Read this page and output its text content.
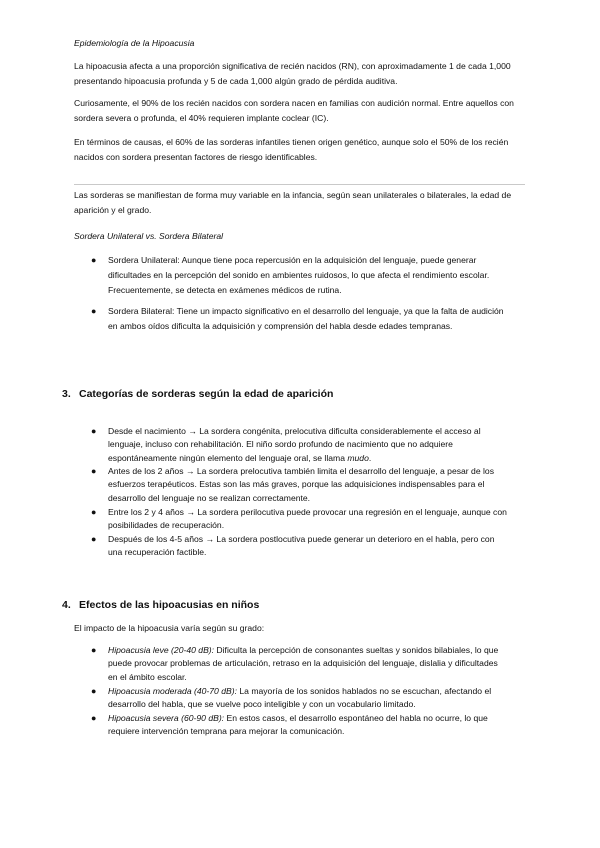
Epidemiología de la Hipoacusia

La hipoacusia afecta a una proporción significativa de recién nacidos (RN), con aproximadamente 1 de cada 1,000 presentando hipoacusia profunda y 5 de cada 1,000 algún grado de pérdida auditiva.

Curiosamente, el 90% de los recién nacidos con sordera nacen en familias con audición normal. Entre aquellos con sordera severa o profunda, el 40% requieren implante coclear (IC).

En términos de causas, el 60% de las sorderas infantiles tienen origen genético, aunque solo el 50% de los recién nacidos con sordera presentan factores de riesgo identificables.

Las sorderas se manifiestan de forma muy variable en la infancia, según sean unilaterales o bilaterales, la edad de aparición y el grado.

Sordera Unilateral vs. Sordera Bilateral
● Sordera Unilateral: Aunque tiene poca repercusión en la adquisición del lenguaje, puede generar dificultades en la percepción del sonido en ambientes ruidosos, lo que afecta el rendimiento escolar. Frecuentemente, se detecta en exámenes médicos de rutina.
● Sordera Bilateral: Tiene un impacto significativo en el desarrollo del lenguaje, ya que la falta de audición en ambos oídos dificulta la adquisición y comprensión del habla desde edades tempranas.
3. Categorías de sorderas según la edad de aparición
● Desde el nacimiento → La sordera congénita, prelocutiva dificulta considerablemente el acceso al lenguaje, incluso con rehabilitación. El niño sordo profundo de nacimiento que no adquiere espontáneamente ningún elemento del lenguaje oral, se llama mudo.
● Antes de los 2 años → La sordera prelocutiva también limita el desarrollo del lenguaje, a pesar de los esfuerzos terapéuticos. Estas son las más graves, porque las adquisiciones indispensables para el desarrollo del lenguaje no se realizan correctamente.
● Entre los 2 y 4 años → La sordera perilocutiva puede provocar una regresión en el lenguaje, aunque con posibilidades de recuperación.
● Después de los 4-5 años → La sordera postlocutiva puede generar un deterioro en el habla, pero con una recuperación factible.
4. Efectos de las hipoacusias en niños

El impacto de la hipoacusia varía según su grado:

● Hipoacusia leve (20-40 dB): Dificulta la percepción de consonantes sueltas y sonidos bilabiales, lo que puede provocar problemas de articulación, retraso en la adquisición del lenguaje, dislalia y dificultades en el ámbito escolar.
● Hipoacusia moderada (40-70 dB): La mayoría de los sonidos hablados no se escuchan, afectando el desarrollo del habla, que se vuelve poco inteligible y con un vocabulario limitado.
● Hipoacusia severa (60-90 dB): En estos casos, el desarrollo espontáneo del habla no ocurre, lo que requiere intervención temprana para mejorar la comunicación.
